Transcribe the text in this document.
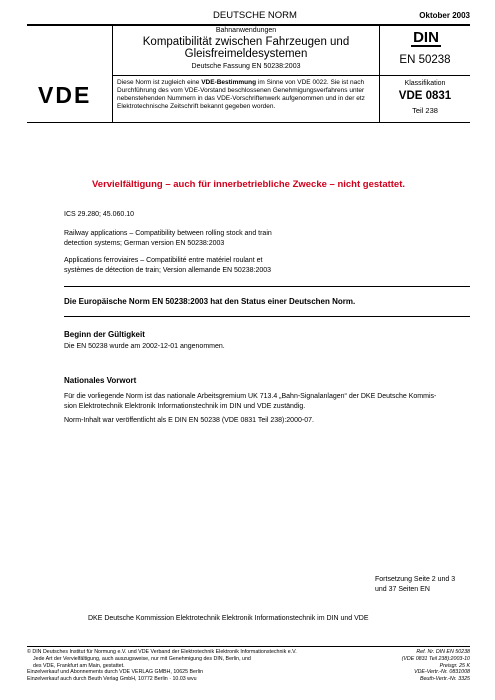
DEUTSCHE NORM	Oktober 2003
Bahnanwendungen
Kompatibilität zwischen Fahrzeugen und
Gleisfreimeldesystemen
Deutsche Fassung EN 50238:2003
DIN
EN 50238
VDE	Diese Norm ist zugleich eine VDE-Bestimmung im Sinne von VDE 0022. Sie ist nach
Durchführung des vom VDE-Vorstand beschlossenen Genehmigungsverfahrens unter
nebenstehenden Nummern in das VDE-Vorschriftenwerk aufgenommen und in der etz
Elektrotechnische Zeitschrift bekannt gegeben worden.
Klassifikation
VDE 0831
Teil 238
Vervielfältigung – auch für innerbetriebliche Zwecke – nicht gestattet.
ICS 29.280; 45.060.10
Railway applications – Compatibility between rolling stock and train
detection systems; German version EN 50238:2003
Applications ferroviaires – Compatibilité entre matériel roulant et
systèmes de détection de train; Version allemande EN 50238:2003
Die Europäische Norm EN 50238:2003 hat den Status einer Deutschen Norm.
Beginn der Gültigkeit
Die EN 50238 wurde am 2002-12-01 angenommen.
Nationales Vorwort
Für die vorliegende Norm ist das nationale Arbeitsgremium UK 713.4 „Bahn-Signalanlagen“ der DKE Deutsche Kommis-
sion Elektrotechnik Elektronik Informationstechnik im DIN und VDE zuständig.
Norm-Inhalt war veröffentlicht als E DIN EN 50238 (VDE 0831 Teil 238):2000-07.
Fortsetzung Seite 2 und 3
und 37 Seiten EN
DKE Deutsche Kommission Elektrotechnik Elektronik Informationstechnik im DIN und VDE
© DIN Deutsches Institut für Normung e.V. und VDE Verband der Elektrotechnik Elektronik Informationstechnik e.V.
Jede Art der Vervielfältigung, auch auszugsweise, nur mit Genehmigung des DIN, Berlin, und
des VDE, Frankfurt am Main, gestattet.
Einzelverkauf und Abonnements durch VDE VERLAG GMBH, 10625 Berlin
Einzelverkauf auch durch Beuth Verlag GmbH, 10772 Berlin · 10.03 wvu
Ref. Nr. DIN EN 50238
(VDE 0831 Teil 238):2003-10
Preisgr. 25 K
VDE-Vertr.-Nr. 0831008
Beuth-Vertr.-Nr. 3325
